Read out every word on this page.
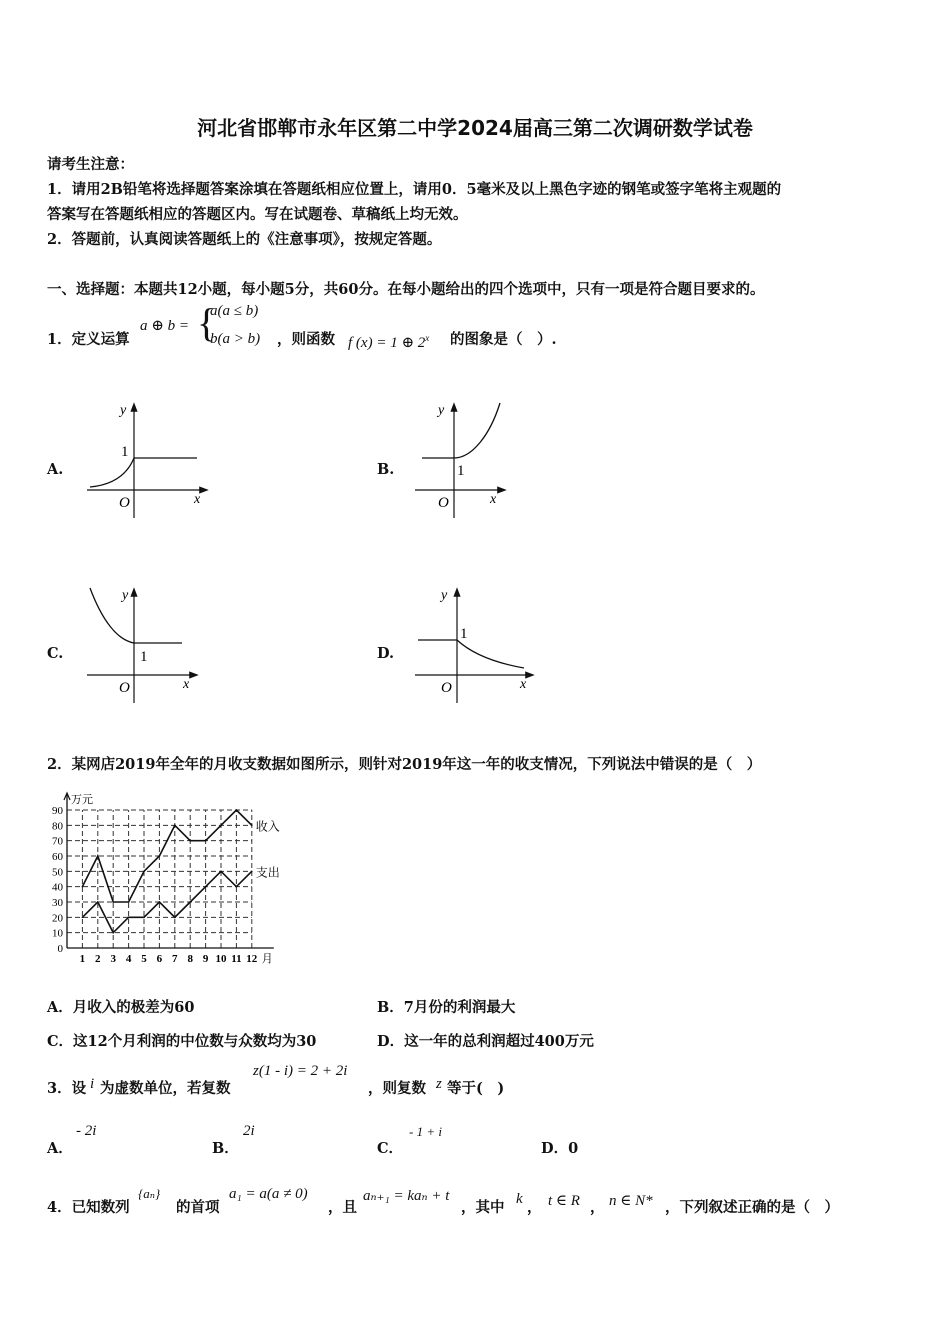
河北省邯郸市永年区第二中学2024届高三第二次调研数学试卷
请考生注意：
1．请用2B铅笔将选择题答案涂填在答题纸相应位置上，请用0．5毫米及以上黑色字迹的钢笔或签字笔将主观题的
答案写在答题纸相应的答题区内。写在试题卷、草稿纸上均无效。
2．答题前，认真阅读答题纸上的《注意事项》，按规定答题。
一、选择题：本题共12小题，每小题5分，共60分。在每小题给出的四个选项中，只有一项是符合题目要求的。
1．定义运算
a ⊕ b = {
a(a ≤ b)
b(a > b) ，则函数 f (x) = 1 ⊕ 2$^x$ 的图象是（　）.
A.
y
1
O	x
B.
y
1
O	x
C.
y
1
O	x
D.
y
1
O	x
2．某网店2019年全年的月收支数据如图所示，则针对2019年这一年的收支情况，下列说法中错误的是（　）
0
10
20
30
40
50
60
70
80
90
1 2 3 4 5 6 7 8 9 10 11 12
万元
月
收入
支出
A．月收入的极差为60	B．7月份的利润最大
C．这12个月利润的中位数与众数均为30	D．这一年的总利润超过400万元
3．设 i 为虚数单位，若复数
z(1 - i) = 2 + 2i
，则复数 z 等于(　)
A．
- 2i
B．
2i
C．
- 1 + i
D．0
4．已知数列
{aₙ}
的首项
a₁ = a(a ≠ 0)
，且
aₙ₊₁ = kaₙ + t
，其中 k ， t ∈ R ， n ∈ N* ，下列叙述正确的是（　）
